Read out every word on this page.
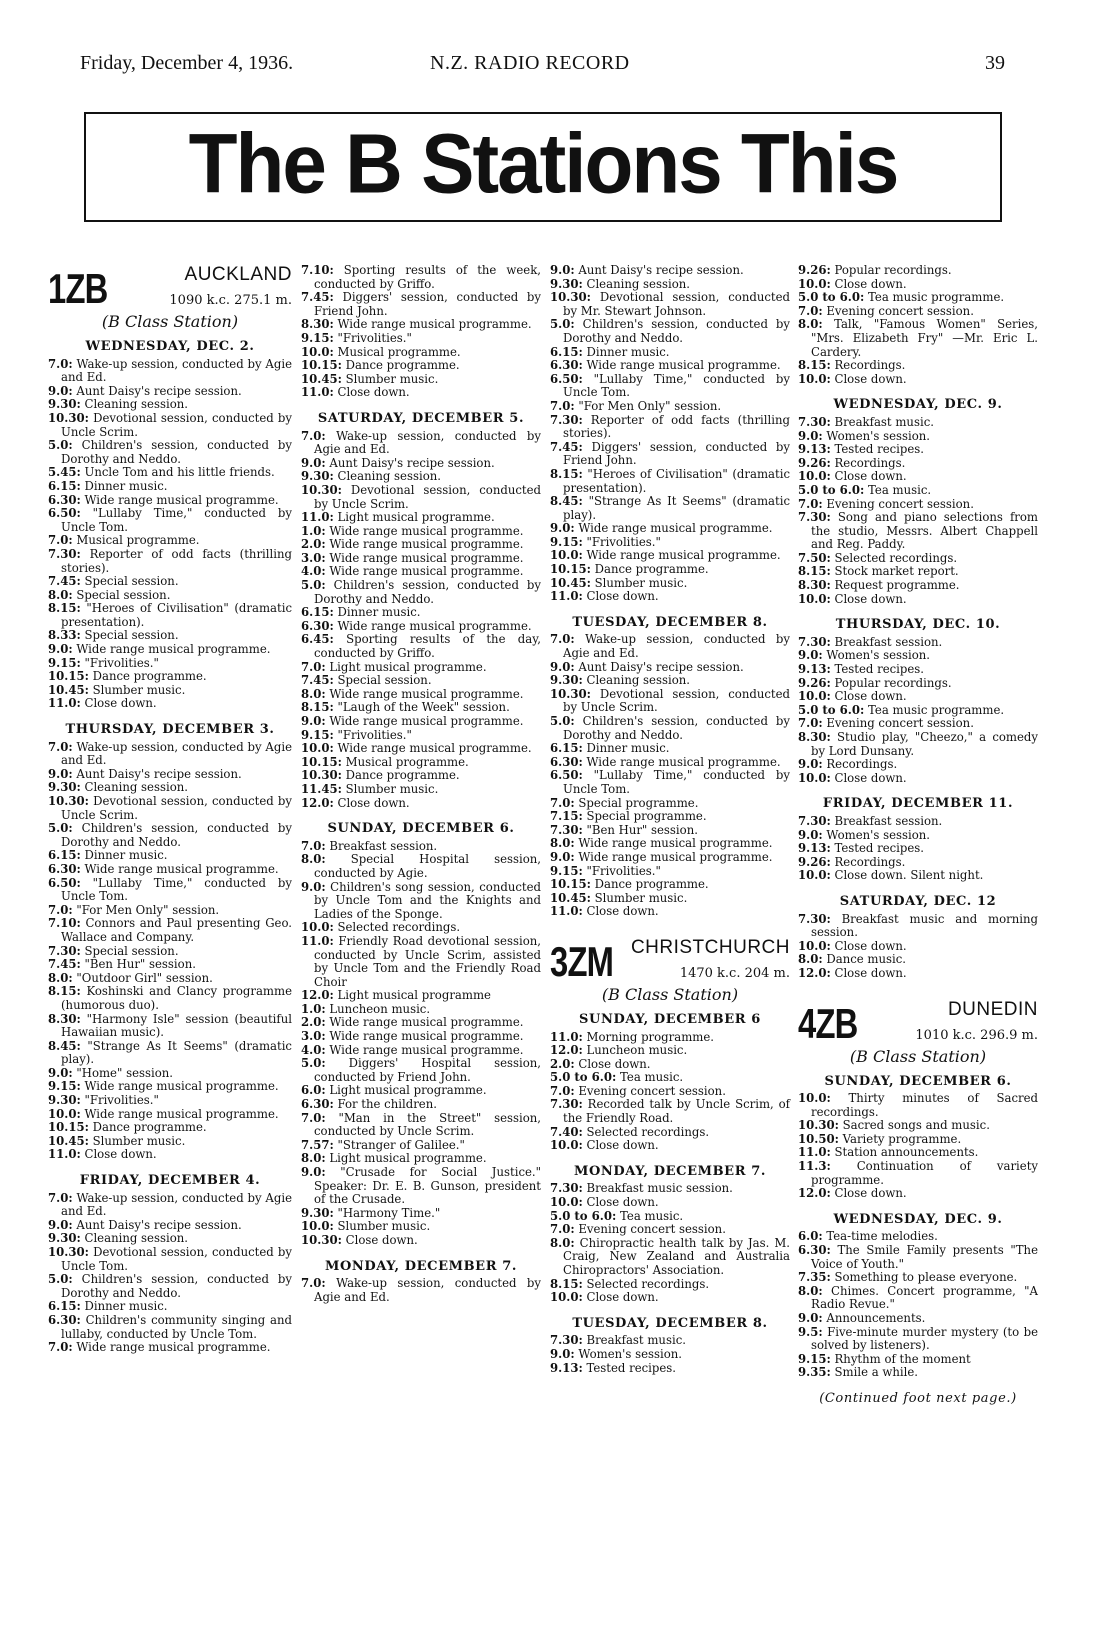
Friday, December 4, 1936.	N.Z. RADIO RECORD	39
The B Stations This
1ZB	AUCKLAND
1090 k.c. 275.1 m.
(B Class Station)
WEDNESDAY, DEC. 2.

7.0: Wake-up session, conducted by Agie and Ed.

9.0: Aunt Daisy's recipe session.

9.30: Cleaning session.

10.30: Devotional session, conducted by Uncle Scrim.

5.0: Children's session, conducted by Dorothy and Neddo.

5.45: Uncle Tom and his little friends.

6.15: Dinner music.

6.30: Wide range musical programme.

6.50: "Lullaby Time," conducted by Uncle Tom.

7.0: Musical programme.

7.30: Reporter of odd facts (thrilling stories).

7.45: Special session.

8.0: Special session.

8.15: "Heroes of Civilisation" (dramatic presentation).

8.33: Special session.

9.0: Wide range musical programme.

9.15: "Frivolities."

10.15: Dance programme.

10.45: Slumber music.

11.0: Close down.

THURSDAY, DECEMBER 3.

7.0: Wake-up session, conducted by Agie and Ed.

9.0: Aunt Daisy's recipe session.

9.30: Cleaning session.

10.30: Devotional session, conducted by Uncle Scrim.

5.0: Children's session, conducted by Dorothy and Neddo.

6.15: Dinner music.

6.30: Wide range musical programme.

6.50: "Lullaby Time," conducted by Uncle Tom.

7.0: "For Men Only" session.

7.10: Connors and Paul presenting Geo. Wallace and Company.

7.30: Special session.

7.45: "Ben Hur" session.

8.0: "Outdoor Girl" session.

8.15: Koshinski and Clancy programme (humorous duo).

8.30: "Harmony Isle" session (beautiful Hawaiian music).

8.45: "Strange As It Seems" (dramatic play).

9.0: "Home" session.

9.15: Wide range musical programme.

9.30: "Frivolities."

10.0: Wide range musical programme.

10.15: Dance programme.

10.45: Slumber music.

11.0: Close down.

FRIDAY, DECEMBER 4.

7.0: Wake-up session, conducted by Agie and Ed.

9.0: Aunt Daisy's recipe session.

9.30: Cleaning session.

10.30: Devotional session, conducted by Uncle Tom.

5.0: Children's session, conducted by Dorothy and Neddo.

6.15: Dinner music.

6.30: Children's community singing and lullaby, conducted by Uncle Tom.

7.0: Wide range musical programme.

7.10: Sporting results of the week, conducted by Griffo.

7.45: Diggers' session, conducted by Friend John.

8.30: Wide range musical programme.

9.15: "Frivolities."

10.0: Musical programme.

10.15: Dance programme.

10.45: Slumber music.

11.0: Close down.

SATURDAY, DECEMBER 5.

7.0: Wake-up session, conducted by Agie and Ed.

9.0: Aunt Daisy's recipe session.

9.30: Cleaning session.

10.30: Devotional session, conducted by Uncle Scrim.

11.0: Light musical programme.

1.0: Wide range musical programme.

2.0: Wide range musical programme.

3.0: Wide range musical programme.

4.0: Wide range musical programme.

5.0: Children's session, conducted by Dorothy and Neddo.

6.15: Dinner music.

6.30: Wide range musical programme.

6.45: Sporting results of the day, conducted by Griffo.

7.0: Light musical programme.

7.45: Special session.

8.0: Wide range musical programme.

8.15: "Laugh of the Week" session.

9.0: Wide range musical programme.

9.15: "Frivolities."

10.0: Wide range musical programme.

10.15: Musical programme.

10.30: Dance programme.

11.45: Slumber music.

12.0: Close down.

SUNDAY, DECEMBER 6.

7.0: Breakfast session.

8.0: Special Hospital session, conducted by Agie.

9.0: Children's song session, conducted by Uncle Tom and the Knights and Ladies of the Sponge.

10.0: Selected recordings.

11.0: Friendly Road devotional session, conducted by Uncle Scrim, assisted by Uncle Tom and the Friendly Road Choir

12.0: Light musical programme

1.0: Luncheon music.

2.0: Wide range musical programme.

3.0: Wide range musical programme.

4.0: Wide range musical programme.

5.0: Diggers' Hospital session, conducted by Friend John.

6.0: Light musical programme.

6.30: For the children.

7.0: "Man in the Street" session, conducted by Uncle Scrim.

7.57: "Stranger of Galilee."

8.0: Light musical programme.

9.0: "Crusade for Social Justice." Speaker: Dr. E. B. Gunson, president of the Crusade.

9.30: "Harmony Time."

10.0: Slumber music.

10.30: Close down.

MONDAY, DECEMBER 7.

7.0: Wake-up session, conducted by Agie and Ed.

9.0: Aunt Daisy's recipe session.

9.30: Cleaning session.

10.30: Devotional session, conducted by Mr. Stewart Johnson.

5.0: Children's session, conducted by Dorothy and Neddo.

6.15: Dinner music.

6.30: Wide range musical programme.

6.50: "Lullaby Time," conducted by Uncle Tom.

7.0: "For Men Only" session.

7.30: Reporter of odd facts (thrilling stories).

7.45: Diggers' session, conducted by Friend John.

8.15: "Heroes of Civilisation" (dramatic presentation).

8.45: "Strange As It Seems" (dramatic play).

9.0: Wide range musical programme.

9.15: "Frivolities."

10.0: Wide range musical programme.

10.15: Dance programme.

10.45: Slumber music.

11.0: Close down.

TUESDAY, DECEMBER 8.

7.0: Wake-up session, conducted by Agie and Ed.

9.0: Aunt Daisy's recipe session.

9.30: Cleaning session.

10.30: Devotional session, conducted by Uncle Scrim.

5.0: Children's session, conducted by Dorothy and Neddo.

6.15: Dinner music.

6.30: Wide range musical programme.

6.50: "Lullaby Time," conducted by Uncle Tom.

7.0: Special programme.

7.15: Special programme.

7.30: "Ben Hur" session.

8.0: Wide range musical programme.

9.0: Wide range musical programme.

9.15: "Frivolities."

10.15: Dance programme.

10.45: Slumber music.

11.0: Close down.

3ZM CHRISTCHURCH
1470 k.c. 204 m.
(B Class Station)
SUNDAY, DECEMBER 6

11.0: Morning programme.

12.0: Luncheon music.

2.0: Close down.

5.0 to 6.0: Tea music.

7.0: Evening concert session.

7.30: Recorded talk by Uncle Scrim, of the Friendly Road.

7.40: Selected recordings.

10.0: Close down.

MONDAY, DECEMBER 7.

7.30: Breakfast music session.

10.0: Close down.

5.0 to 6.0: Tea music.

7.0: Evening concert session.

8.0: Chiropractic health talk by Jas. M. Craig, New Zealand and Australia Chiropractors' Association.

8.15: Selected recordings.

10.0: Close down.

TUESDAY, DECEMBER 8.

7.30: Breakfast music.

9.0: Women's session.

9.13: Tested recipes.

9.26: Popular recordings.

10.0: Close down.

5.0 to 6.0: Tea music programme.

7.0: Evening concert session.

8.0: Talk, "Famous Women" Series, "Mrs. Elizabeth Fry" —Mr. Eric L. Cardery.

8.15: Recordings.

10.0: Close down.

WEDNESDAY, DEC. 9.

7.30: Breakfast music.

9.0: Women's session.

9.13: Tested recipes.

9.26: Recordings.

10.0: Close down.

5.0 to 6.0: Tea music.

7.0: Evening concert session.

7.30: Song and piano selections from the studio, Messrs. Albert Chappell and Reg. Paddy.

7.50: Selected recordings.

8.15: Stock market report.

8.30: Request programme.

10.0: Close down.

THURSDAY, DEC. 10.

7.30: Breakfast session.

9.0: Women's session.

9.13: Tested recipes.

9.26: Popular recordings.

10.0: Close down.

5.0 to 6.0: Tea music programme.

7.0: Evening concert session.

8.30: Studio play, "Cheezo," a comedy by Lord Dunsany.

9.0: Recordings.

10.0: Close down.

FRIDAY, DECEMBER 11.

7.30: Breakfast session.

9.0: Women's session.

9.13: Tested recipes.

9.26: Recordings.

10.0: Close down. Silent night.

SATURDAY, DEC. 12

7.30: Breakfast music and morning session.

10.0: Close down.

8.0: Dance music.

12.0: Close down.

4ZB	DUNEDIN
1010 k.c. 296.9 m.
(B Class Station)
SUNDAY, DECEMBER 6.

10.0: Thirty minutes of Sacred recordings.

10.30: Sacred songs and music.

10.50: Variety programme.

11.0: Station announcements.

11.3: Continuation of variety programme.

12.0: Close down.

WEDNESDAY, DEC. 9.

6.0: Tea-time melodies.

6.30: The Smile Family presents "The Voice of Youth."

7.35: Something to please everyone.

8.0: Chimes. Concert programme, "A Radio Revue."

9.0: Announcements.

9.5: Five-minute murder mystery (to be solved by listeners).

9.15: Rhythm of the moment

9.35: Smile a while.

(Continued foot next page.)
